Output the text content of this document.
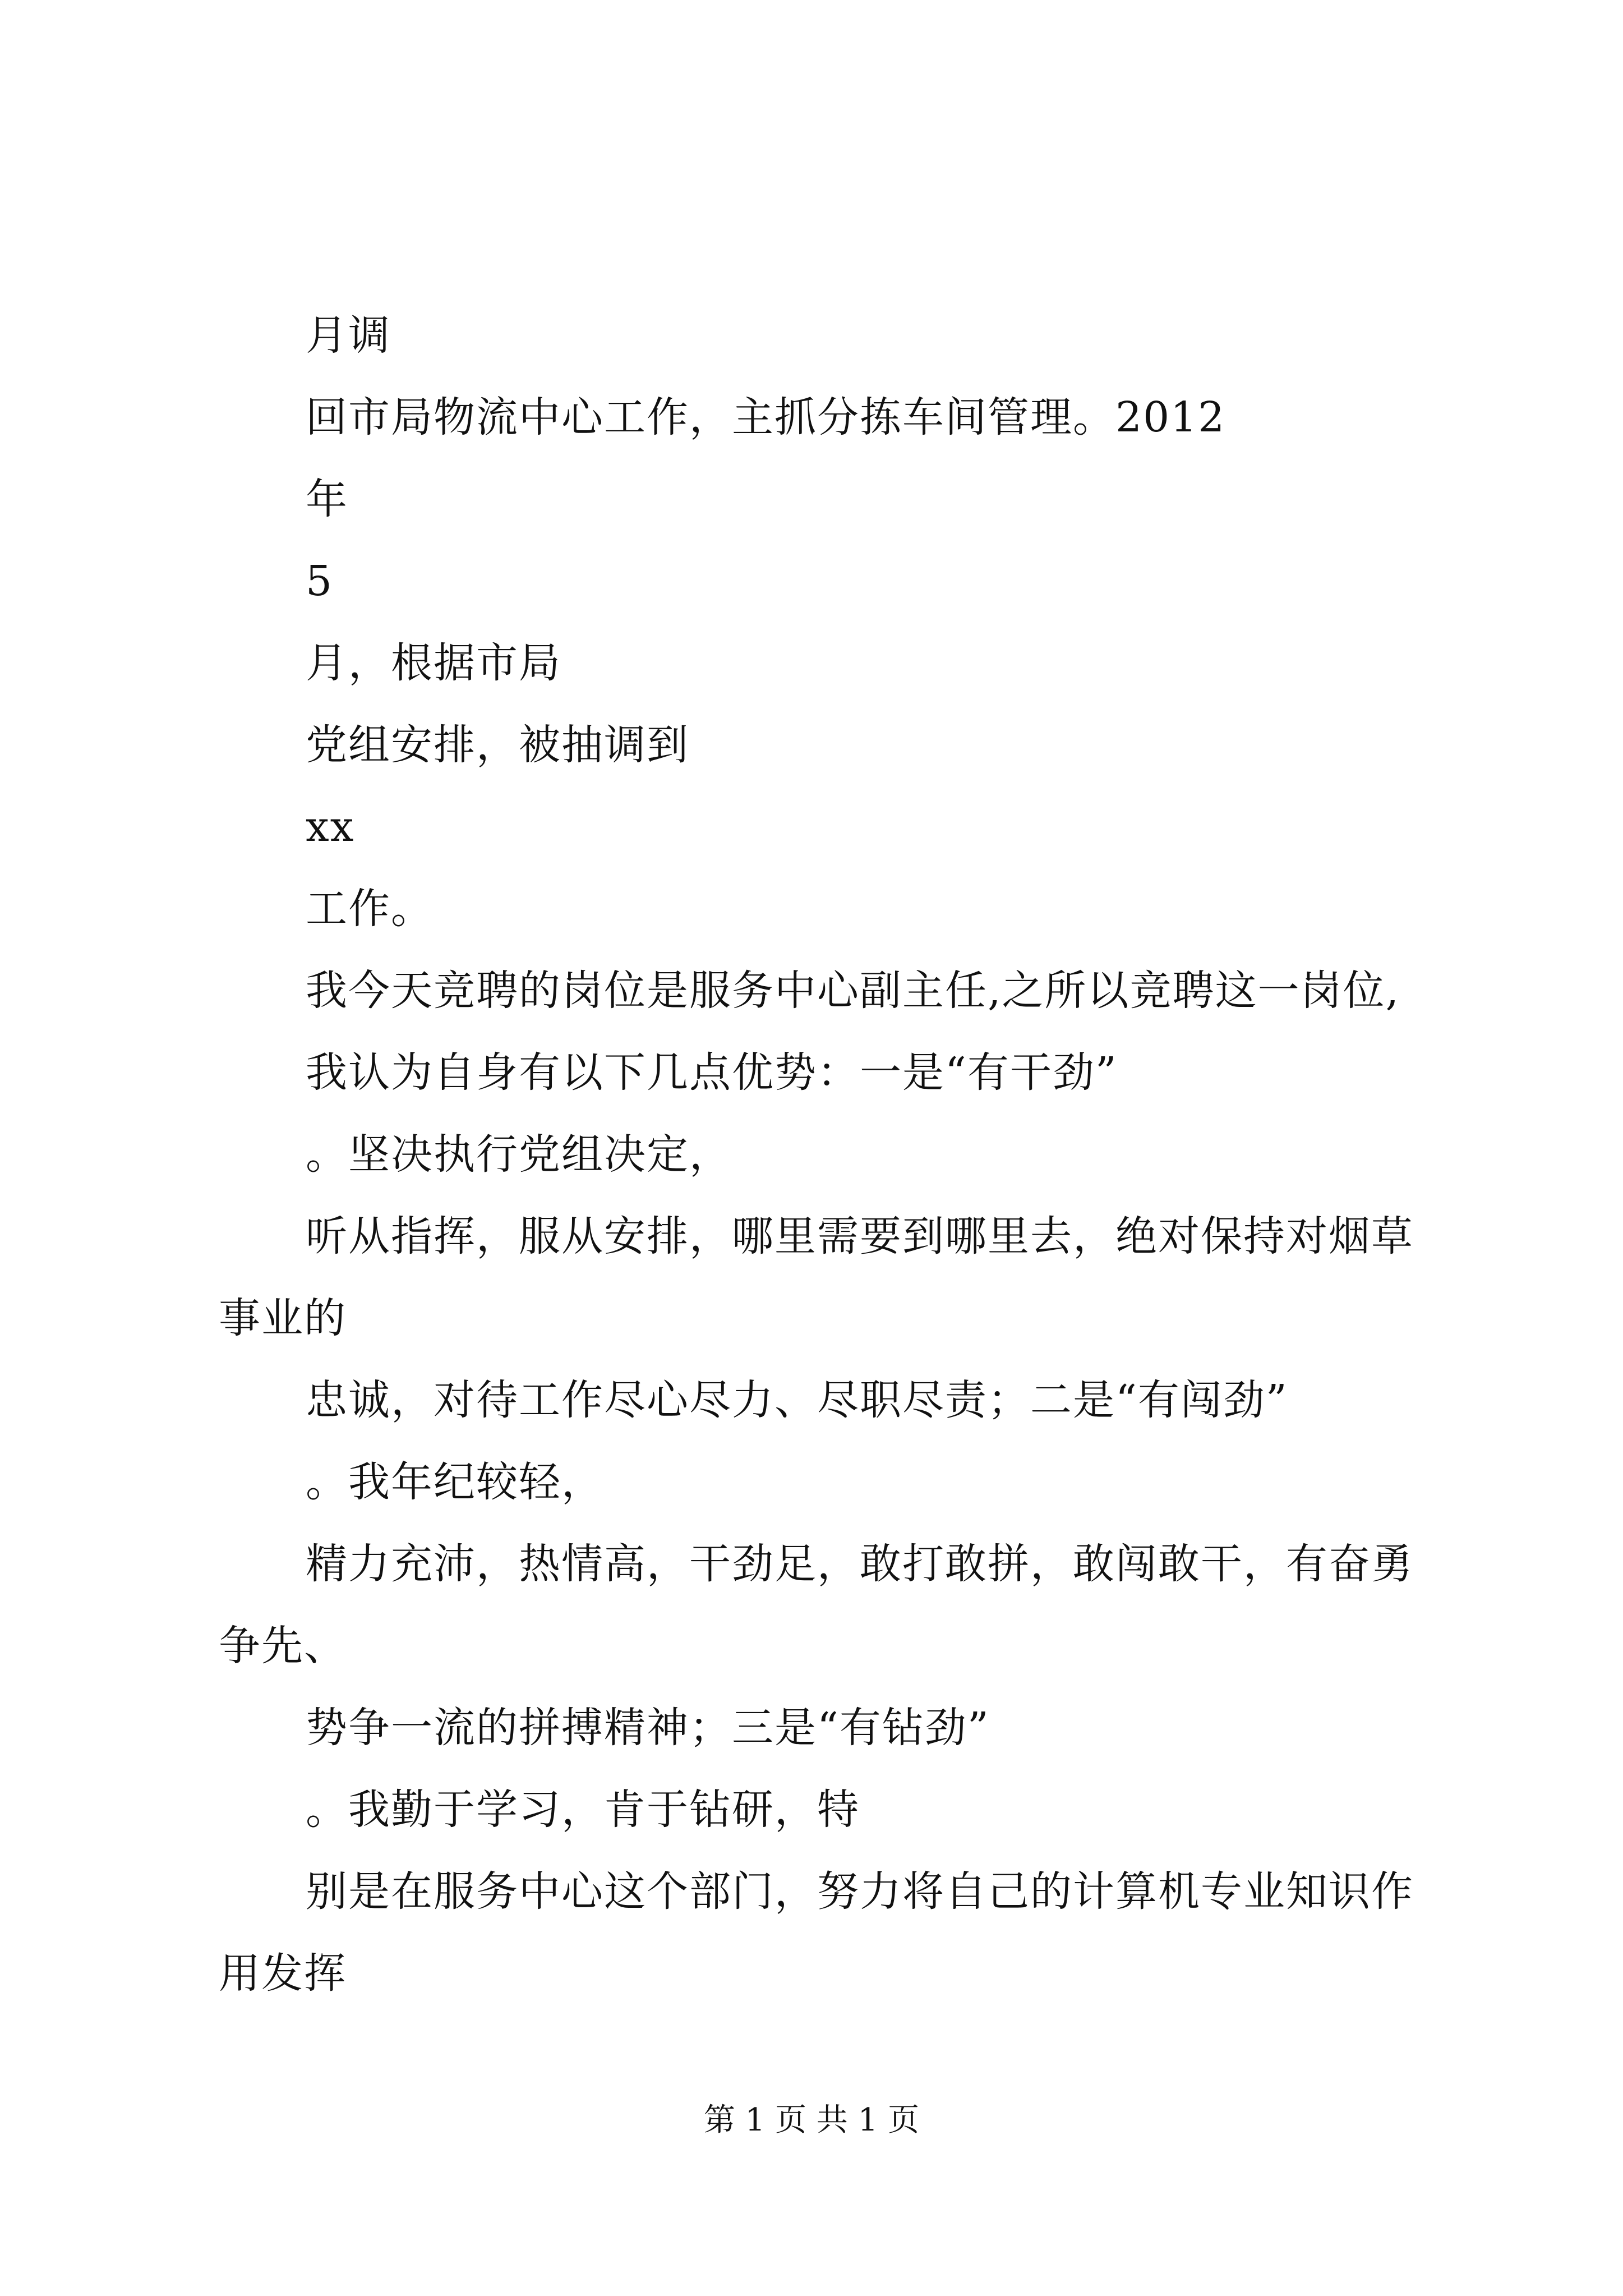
月调
回市局物流中心工作，主抓分拣车间管理。2012
年
5
月，根据市局
党组安排，被抽调到
xx
工作。
我今天竞聘的岗位是服务中心副主任,之所以竞聘这一岗位,
我认为自身有以下几点优势：一是“有干劲”
。坚决执行党组决定，
听从指挥，服从安排，哪里需要到哪里去，绝对保持对烟草
事业的
忠诚，对待工作尽心尽力、尽职尽责；二是“有闯劲”
。我年纪较轻，
精力充沛，热情高，干劲足，敢打敢拼，敢闯敢干，有奋勇
争先、
势争一流的拼搏精神；三是“有钻劲”
。我勤于学习，肯于钻研，特
别是在服务中心这个部门，努力将自己的计算机专业知识作
用发挥
第 1 页 共 1 页
